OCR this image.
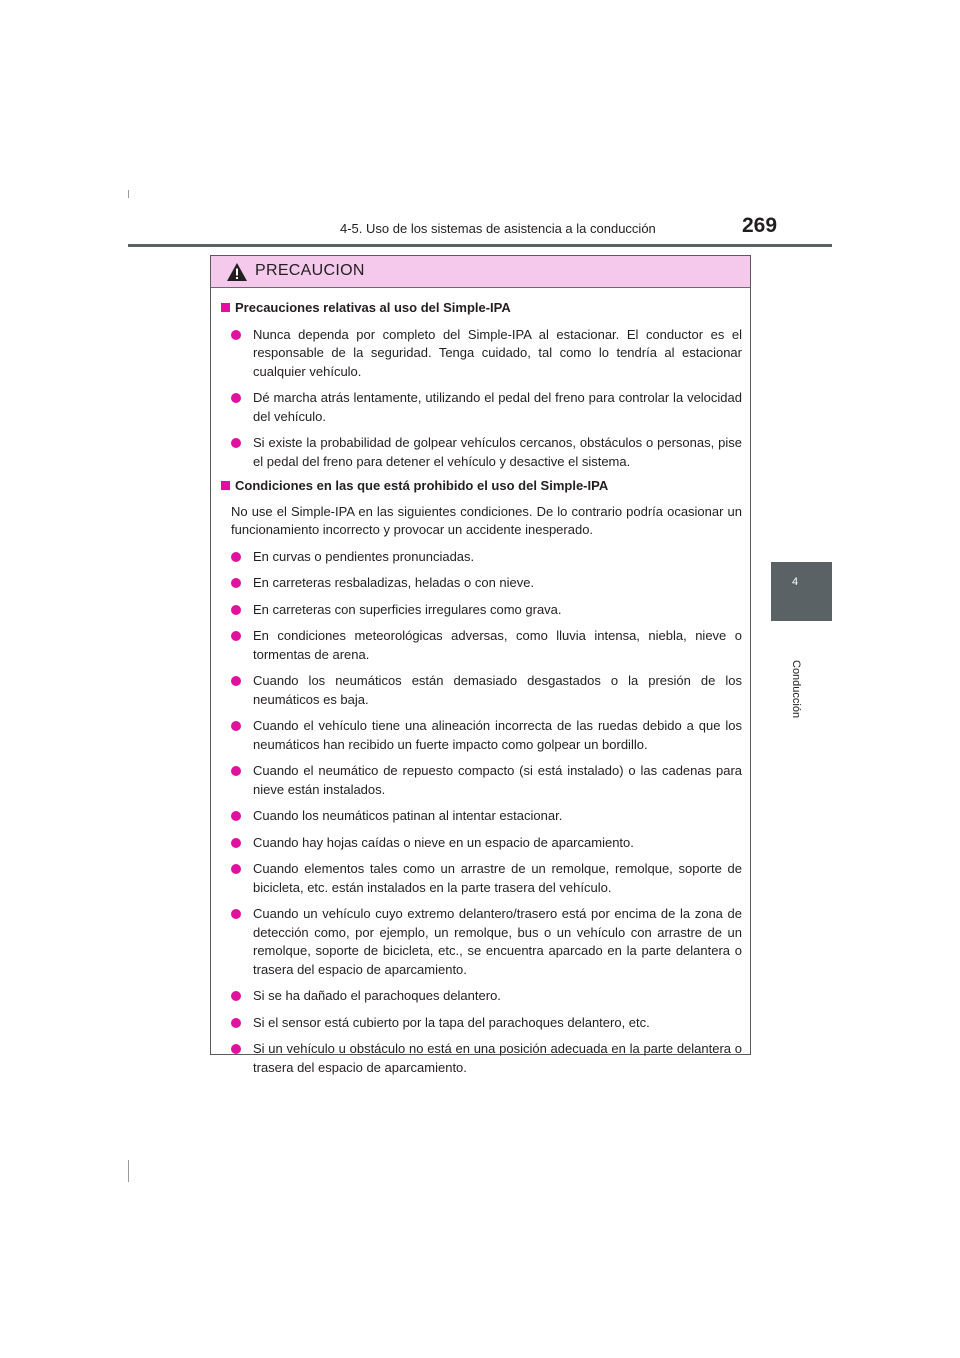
4-5. Uso de los sistemas de asistencia a la conducción	269
4
Conducción
PRECAUCION
Precauciones relativas al uso del Simple-IPA
Nunca dependa por completo del Simple-IPA al estacionar. El conductor es el responsable de la seguridad. Tenga cuidado, tal como lo tendría al estacionar cualquier vehículo.
Dé marcha atrás lentamente, utilizando el pedal del freno para controlar la velocidad del vehículo.
Si existe la probabilidad de golpear vehículos cercanos, obstáculos o personas, pise el pedal del freno para detener el vehículo y desactive el sistema.
Condiciones en las que está prohibido el uso del Simple-IPA
No use el Simple-IPA en las siguientes condiciones. De lo contrario podría ocasionar un funcionamiento incorrecto y provocar un accidente inesperado.
En curvas o pendientes pronunciadas.
En carreteras resbaladizas, heladas o con nieve.
En carreteras con superficies irregulares como grava.
En condiciones meteorológicas adversas, como lluvia intensa, niebla, nieve o tormentas de arena.
Cuando los neumáticos están demasiado desgastados o la presión de los neumáticos es baja.
Cuando el vehículo tiene una alineación incorrecta de las ruedas debido a que los neumáticos han recibido un fuerte impacto como golpear un bordillo.
Cuando el neumático de repuesto compacto (si está instalado) o las cadenas para nieve están instalados.
Cuando los neumáticos patinan al intentar estacionar.
Cuando hay hojas caídas o nieve en un espacio de aparcamiento.
Cuando elementos tales como un arrastre de un remolque, remolque, soporte de bicicleta, etc. están instalados en la parte trasera del vehículo.
Cuando un vehículo cuyo extremo delantero/trasero está por encima de la zona de detección como, por ejemplo, un remolque, bus o un vehículo con arrastre de un remolque, soporte de bicicleta, etc., se encuentra aparcado en la parte delantera o trasera del espacio de aparcamiento.
Si se ha dañado el parachoques delantero.
Si el sensor está cubierto por la tapa del parachoques delantero, etc.
Si un vehículo u obstáculo no está en una posición adecuada en la parte delantera o trasera del espacio de aparcamiento.
